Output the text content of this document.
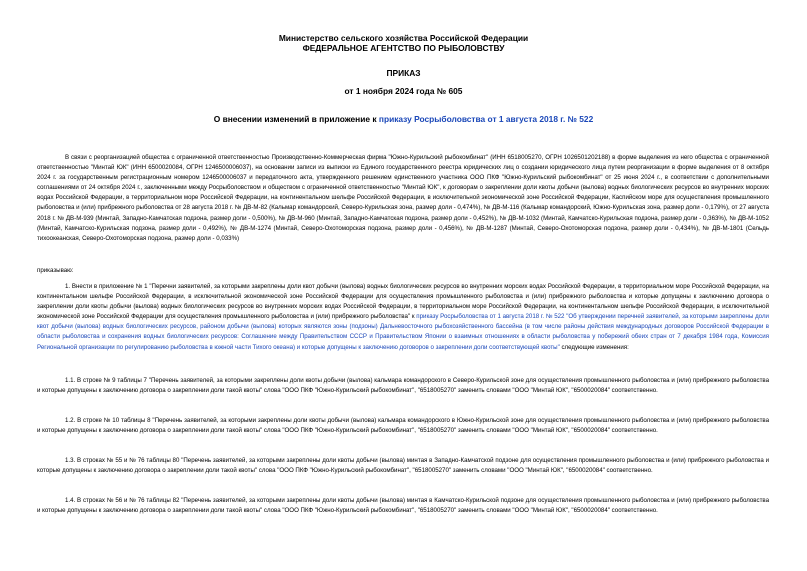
Министерство сельского хозяйства Российской Федерации
ФЕДЕРАЛЬНОЕ АГЕНТСТВО ПО РЫБОЛОВСТВУ
ПРИКАЗ
от 1 ноября 2024 года № 605
О внесении изменений в приложение к приказу Росрыболовства от 1 августа 2018 г. № 522
В связи с реорганизацией общества с ограниченной ответственностью Производственно-Коммерческая фирма "Южно-Курильский рыбокомбинат" (ИНН 6518005270, ОГРН 1026501202188) в форме выделения из него общества с ограниченной ответственностью "Минтай ЮК" (ИНН 6500020084, ОГРН 1246500006037), на основании записи из выписки из Единого государственного реестра юридических лиц о создании юридического лица путем реорганизации в форме выделения от 8 октября 2024 г. за государственным регистрационным номером 1246500006037 и передаточного акта, утвержденного решением единственного участника ООО ПКФ "Южно-Курильский рыбокомбинат" от 25 июня 2024 г., в соответствии с дополнительными соглашениями от 24 октября 2024 г., заключенными между Росрыболовством и обществом с ограниченной ответственностью "Минтай ЮК", к договорам о закреплении доли квоты добычи (вылова) водных биологических ресурсов во внутренних морских водах Российской Федерации, в территориальном море Российской Федерации, на континентальном шельфе Российской Федерации, в исключительной экономической зоне Российской Федерации, Каспийском море для осуществления промышленного рыболовства и (или) прибрежного рыболовства от 28 августа 2018 г. № ДВ-М-82 (Кальмар командорский, Северо-Курильская зона, размер доли - 0,474%), № ДВ-М-116 (Кальмар командорский, Южно-Курильская зона, размер доли - 0,179%), от 27 августа 2018 г. № ДВ-М-939 (Минтай, Западно-Камчатская подзона, размер доли - 0,500%), № ДВ-М-960 (Минтай, Западно-Камчатская подзона, размер доли - 0,452%), № ДВ-М-1032 (Минтай, Камчатско-Курильская подзона, размер доли - 0,363%), № ДВ-М-1052 (Минтай, Камчатско-Курильская подзона, размер доли - 0,492%), № ДВ-М-1274 (Минтай, Северо-Охотоморская подзона, размер доли - 0,456%), № ДВ-М-1287 (Минтай, Северо-Охотоморская подзона, размер доли - 0,434%), № ДВ-М-1801 (Сельдь тихоокеанская, Северо-Охотоморская подзона, размер доли - 0,033%)
приказываю:
1. Внести в приложение № 1 "Перечни заявителей, за которыми закреплены доли квот добычи (вылова) водных биологических ресурсов во внутренних морских водах Российской Федерации, в территориальном море Российской Федерации, на континентальном шельфе Российской Федерации, в исключительной экономической зоне Российской Федерации для осуществления промышленного рыболовства и (или) прибрежного рыболовства и которые допущены к заключению договора о закреплении доли квоты добычи (вылова) водных биологических ресурсов во внутренних морских водах Российской Федерации, в территориальном море Российской Федерации, на континентальном шельфе Российской Федерации, в исключительной экономической зоне Российской Федерации для осуществления промышленного рыболовства и (или) прибрежного рыболовства" к приказу Росрыболовства от 1 августа 2018 г. № 522 "Об утверждении перечней заявителей, за которыми закреплены доли квот добычи (вылова) водных биологических ресурсов, районом добычи (вылова) которых являются зоны (подзоны) Дальневосточного рыбохозяйственного бассейна (в том числе районы действия международных договоров Российской Федерации в области рыболовства и сохранения водных биологических ресурсов: Соглашение между Правительством СССР и Правительством Японии о взаимных отношениях в области рыболовства у побережий обеих стран от 7 декабря 1984 года, Комиссия Региональной организации по регулированию рыболовства в южной части Тихого океана) и которые допущены к заключению договоров о закреплении доли соответствующей квоты" следующие изменения:
1.1. В строке № 9 таблицы 7 "Перечень заявителей, за которыми закреплены доли квоты добычи (вылова) кальмара командорского в Северо-Курильской зоне для осуществления промышленного рыболовства и (или) прибрежного рыболовства и которые допущены к заключению договора о закреплении доли такой квоты" слова "ООО ПКФ "Южно-Курильский рыбокомбинат", "6518005270" заменить словами "ООО "Минтай ЮК", "6500020084" соответственно.
1.2. В строке № 10 таблицы 8 "Перечень заявителей, за которыми закреплены доли квоты добычи (вылова) кальмара командорского в Южно-Курильской зоне для осуществления промышленного рыболовства и (или) прибрежного рыболовства и которые допущены к заключению договора о закреплении доли такой квоты" слова "ООО ПКФ "Южно-Курильский рыбокомбинат", "6518005270" заменить словами "ООО "Минтай ЮК", "6500020084" соответственно.
1.3. В строках № 55 и № 76 таблицы 80 "Перечень заявителей, за которыми закреплены доли квоты добычи (вылова) минтая в Западно-Камчатской подзоне для осуществления промышленного рыболовства и (или) прибрежного рыболовства и которые допущены к заключению договора о закреплении доли такой квоты" слова "ООО ПКФ "Южно-Курильский рыбокомбинат", "6518005270" заменить словами "ООО "Минтай ЮК", "6500020084" соответственно.
1.4. В строках № 56 и № 76 таблицы 82 "Перечень заявителей, за которыми закреплены доли квоты добычи (вылова) минтая в Камчатско-Курильской подзоне для осуществления промышленного рыболовства и (или) прибрежного рыболовства и которые допущены к заключению договора о закреплении доли такой квоты" слова "ООО ПКФ "Южно-Курильский рыбокомбинат", "6518005270" заменить словами "ООО "Минтай ЮК", "6500020084" соответственно.
